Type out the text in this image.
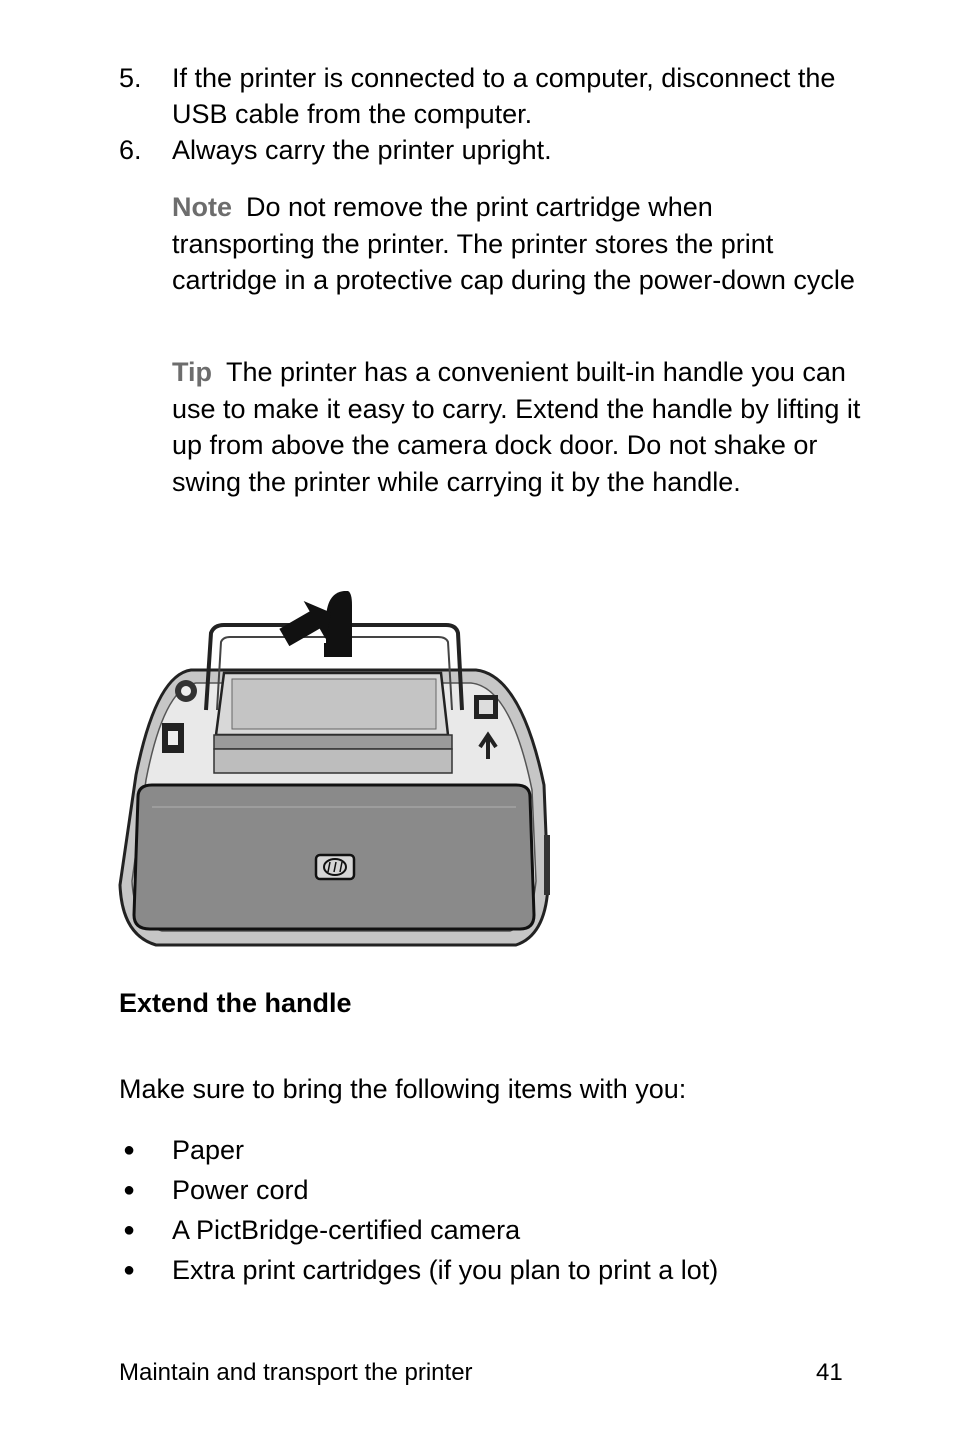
5. If the printer is connected to a computer, disconnect the USB cable from the computer.
6. Always carry the printer upright.
Note Do not remove the print cartridge when transporting the printer. The printer stores the print cartridge in a protective cap during the power-down cycle
Tip The printer has a convenient built-in handle you can use to make it easy to carry. Extend the handle by lifting it up from above the camera dock door. Do not shake or swing the printer while carrying it by the handle.
Extend the handle
Make sure to bring the following items with you:
● Paper
● Power cord
● A PictBridge-certified camera
● Extra print cartridges (if you plan to print a lot)
Maintain and transport the printer	41
